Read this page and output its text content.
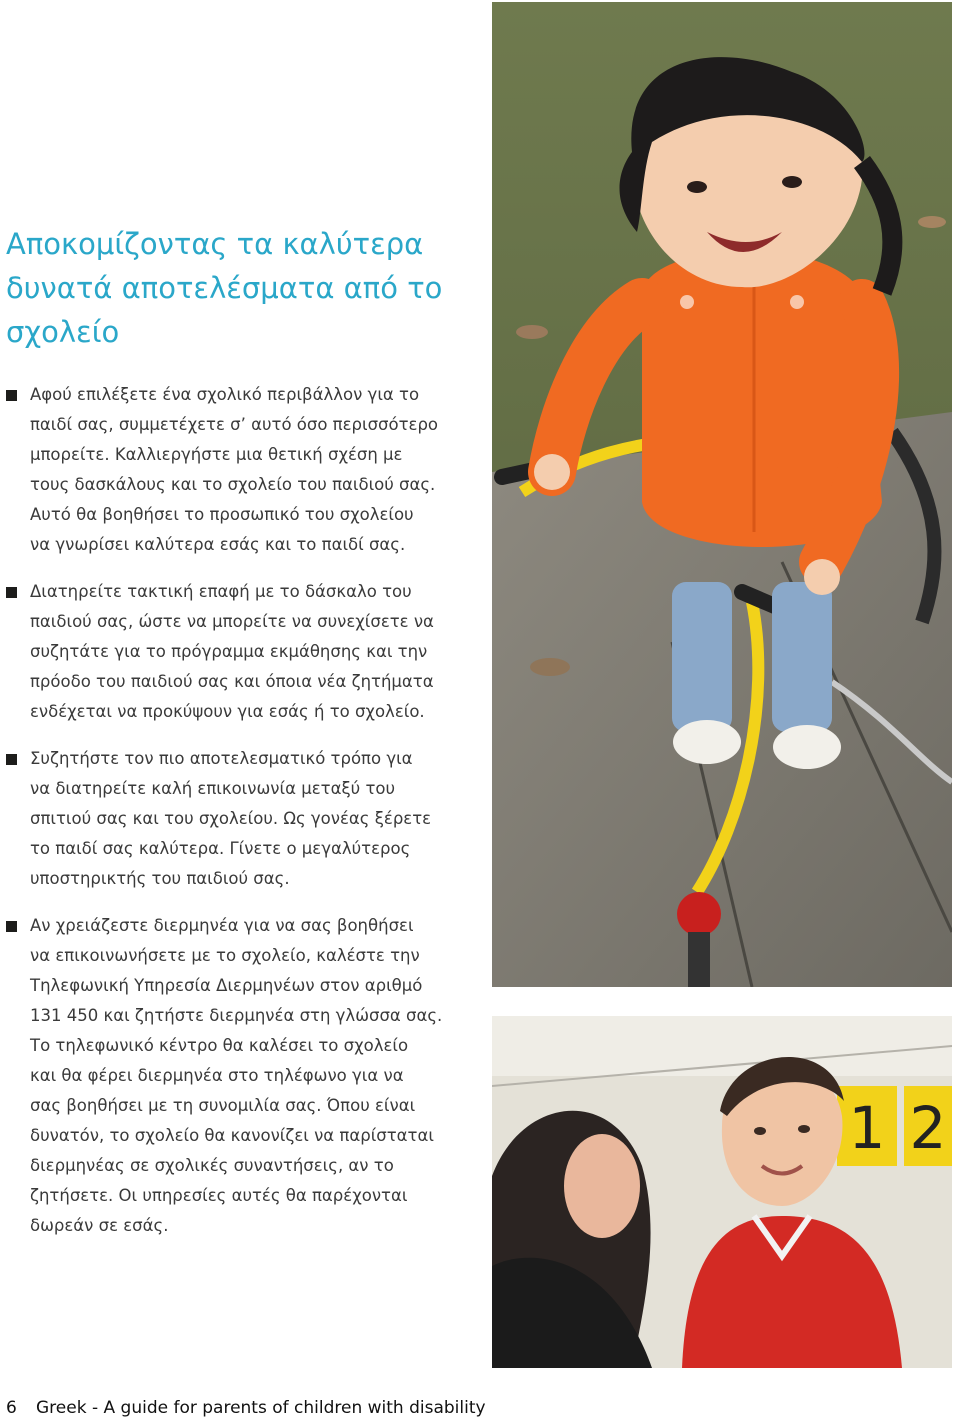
Αποκομίζοντας τα καλύτερα
δυνατά αποτελέσματα από το
σχολείο
Αφού επιλέξετε ένα σχολικό περιβάλλον για το
παιδί σας, συμμετέχετε σ’ αυτό όσο περισσότερο
μπορείτε. Καλλιεργήστε μια θετική σχέση με
τους δασκάλους και το σχολείο του παιδιού σας.
Αυτό θα βοηθήσει το προσωπικό του σχολείου
να γνωρίσει καλύτερα εσάς και το παιδί σας.
Διατηρείτε τακτική επαφή με το δάσκαλο του
παιδιού σας, ώστε να μπορείτε να συνεχίσετε να
συζητάτε για το πρόγραμμα εκμάθησης και την
πρόοδο του παιδιού σας και όποια νέα ζητήματα
ενδέχεται να προκύψουν για εσάς ή το σχολείο.
Συζητήστε τον πιο αποτελεσματικό τρόπο για
να διατηρείτε καλή επικοινωνία μεταξύ του
σπιτιού σας και του σχολείου. Ως γονέας ξέρετε
το παιδί σας καλύτερα. Γίνετε ο μεγαλύτερος
υποστηρικτής του παιδιού σας.
Αν χρειάζεστε διερμηνέα για να σας βοηθήσει
να επικοινωνήσετε με το σχολείο, καλέστε την
Τηλεφωνική Υπηρεσία Διερμηνέων στον αριθμό
131 450 και ζητήστε διερμηνέα στη γλώσσα σας.
Το τηλεφωνικό κέντρο θα καλέσει το σχολείο
και θα φέρει διερμηνέα στο τηλέφωνο για να
σας βοηθήσει με τη συνομιλία σας. Όπου είναι
δυνατόν, το σχολείο θα κανονίζει να παρίσταται
διερμηνέας σε σχολικές συναντήσεις, αν το
ζητήσετε. Οι υπηρεσίες αυτές θα παρέχονται
δωρεάν σε εσάς.
1 2
6 Greek - A guide for parents of children with disability
